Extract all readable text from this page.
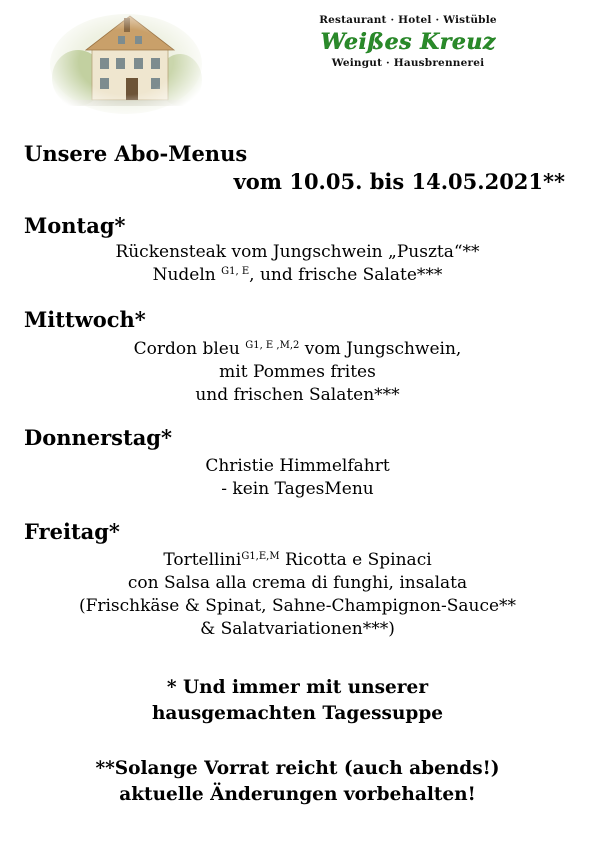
Restaurant · Hotel · Wistüble
Weißes Kreuz
Weingut · Hausbrennerei
Unsere Abo-Menus
vom 10.05. bis 14.05.2021**
Montag*
Rückensteak vom Jungschwein „Puszta“**
Nudeln $^{G1, E}$, und frische Salate***
Mittwoch*
Cordon bleu $^{G1, E ,M,2}$ vom Jungschwein,
mit Pommes frites
und frischen Salaten***
Donnerstag*
Christie Himmelfahrt
- kein TagesMenu
Freitag*
Tortellini$^{G1,E,M}$ Ricotta e Spinaci
con Salsa alla crema di funghi, insalata
(Frischkäse & Spinat, Sahne-Champignon-Sauce**
& Salatvariationen***)
* Und immer mit unserer
hausgemachten Tagessuppe
**Solange Vorrat reicht (auch abends!)
aktuelle Änderungen vorbehalten!
